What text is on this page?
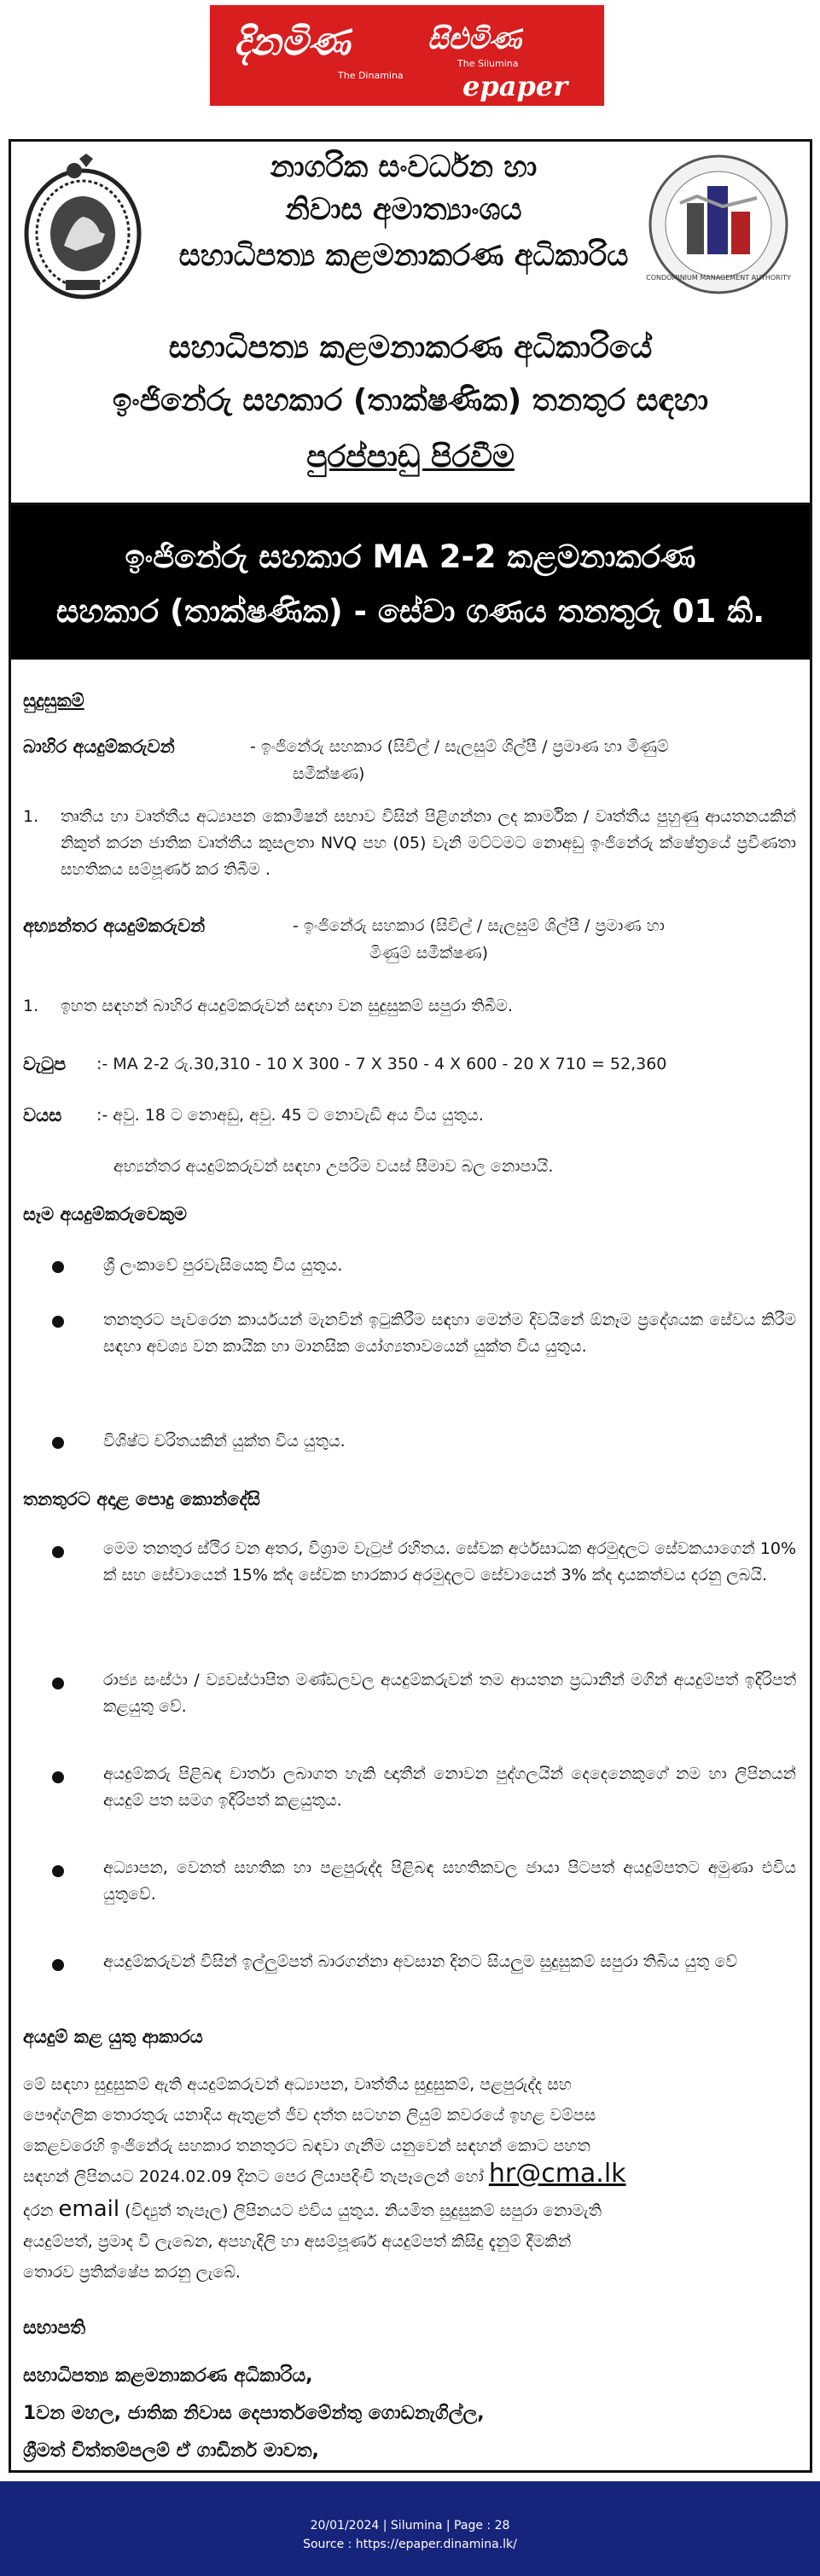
දිනමිණ
The Dinamina
සිළුමිණ
The Silumina
epaper
නාගරික සංවර්ධන හා
නිවාස අමාත්‍යාංශය
සහාධිපත්‍ය කළමනාකරණ අධිකාරිය
CONDOMINIUM MANAGEMENT AUTHORITY
සහාධිපත්‍ය කළමනාකරණ අධිකාරියේ
ඉංජිනේරු සහකාර (තාක්ෂණික) තනතුර සඳහා
පුරප්පාඩු පිරවීම
ඉංජිනේරු සහකාර MA 2-2 කළමනාකරණ
සහකාර (තාක්ෂණික) - සේවා ගණය තනතුරු 01 කි.
සුදුසුකම්
බාහිර අයදුම්කරුවන්	- ඉංජිනේරු සහකාර (සිවිල් / සැලසුම් ශිල්පී / ප්‍රමාණ හා මිණුම්
සමීක්ෂණ)
1. තෘතීය හා වෘත්තීය අධ්‍යාපන කොමිෂන් සභාව විසින් පිළිගන්නා ලද කාර්මික / වෘත්තීය පුහුණු ආයතනයකින් නිකුත් කරන ජාතික වෘත්තීය කුසලතා NVQ පහ (05) වැනි මට්ටමට නොඅඩු ඉංජිනේරු ක්ෂේත්‍රයේ ප්‍රවීණතා සහතිකය සම්පූර්ණ කර තිබීම .
අභ්‍යන්තර අයදුම්කරුවන්	- ඉංජිනේරු සහකාර (සිවිල් / සැලසුම් ශිල්පී / ප්‍රමාණ හා
මිණුම් සමීක්ෂණ)
1. ඉහත සඳහන් බාහිර අයදුම්කරුවන් සඳහා වන සුදුසුකම් සපුරා තිබීම.
වැටුප :- MA 2-2 රු.30,310 - 10 X 300 - 7 X 350 - 4 X 600 - 20 X 710 = 52,360
වයස :- අවු. 18 ට නොඅඩු, අවු. 45 ට නොවැඩි අය විය යුතුය.
අභ්‍යන්තර අයදුම්කරුවන් සඳහා උපරිම වයස් සීමාව බල නොපායි.
සෑම අයදුම්කරුවෙකුම
ශ්‍රී ලංකාවේ පුරවැසියෙකු විය යුතුය.
තනතුරට පැවරෙන කාර්යයන් මැනවින් ඉටුකිරීම සඳහා මෙන්ම දිවයිනේ ඕනෑම ප්‍රදේශයක සේවය කිරීම සඳහා අවශ්‍ය වන කායික හා මානසික යෝග්‍යතාවයෙන් යුක්ත විය යුතුය.
විශිෂ්ට චරිතයකින් යුක්ත විය යුතුය.
තනතුරට අදාළ පොදු කොන්දේසි
මෙම තනතුර ස්ථිර වන අතර, විශ්‍රාම වැටුප් රහිතය. සේවක අර්ථසාධක අරමුදලට සේවකයාගෙන් 10% ක් සහ සේවායෙන් 15% ක්ද සේවක භාරකාර අරමුදලට සේවායෙන් 3% ක්ද දායකත්වය දරනු ලබයි.
රාජ්‍ය සංස්ථා / ව්‍යවස්ථාපිත මණ්ඩලවල අයදුම්කරුවන් තම ආයතන ප්‍රධානීන් මගින් අයදුම්පත් ඉදිරිපත් කළයුතු වේ.
අයදුම්කරු පිළිබඳ චාර්තා ලබාගත හැකි ඥාතීන් නොවන පුද්ගලයින් දෙදෙනෙකුගේ නම හා ලිපිනයන් අයදුම් පත සමග ඉදිරිපත් කළයුතුය.
අධ්‍යාපන, වෙනත් සහතික හා පළපුරුද්ද පිළිබඳ සහතිකවල ජායා පිටපත් අයදුම්පතට අමුණා එවිය යුතුවේ.
අයදුම්කරුවන් විසින් ඉල්ලුම්පත් බාරගන්නා අවසාන දිනට සියලුම සුදුසුකම් සපුරා තිබිය යුතු වේ
අයදුම් කළ යුතු ආකාරය
මේ සඳහා සුදුසුකම් ඇති අයදුම්කරුවන් අධ්‍යාපන, වෘත්තීය සුදුසුකම්, පළපුරුද්ද සහ
පෞද්ගලික තොරතුරු යනාදිය ඇතුළත් ජීව දත්ත සටහන ලියුම් කවරයේ ඉහළ වම්පස
කෙළවරෙහි ඉංජිනේරු සහකාර තනතුරට බඳවා ගැනීම යනුවෙන් සඳහන් කොට පහත
සඳහන් ලිපිනයට 2024.02.09 දිනට පෙර ලියාපදිංචි තැපෑලෙන් හෝ hr@cma.lk
දරන email (විද්‍යුත් තැපෑල) ලිපිනයට එවිය යුතුය. නියමිත සුදුසුකම් සපුරා නොමැති
අයදුම්පත්, ප්‍රමාද වී ලැබෙන, අපහැදිලි හා අසම්පූර්ණ අයදුම්පත් කිසිදු දැනුම් දීමකින්
තොරව ප්‍රතික්ෂේප කරනු ලැබේ.
සභාපති
සහාධිපත්‍ය කළමනාකරණ අධිකාරිය,
1වන මහල, ජාතික නිවාස දෙපාර්තමේන්තු ගොඩනැගිල්ල,
ශ්‍රීමත් චිත්තම්පලම් ඒ ගාඩිනර් මාවත,
20/01/2024 | Silumina | Page : 28
Source : https://epaper.dinamina.lk/
